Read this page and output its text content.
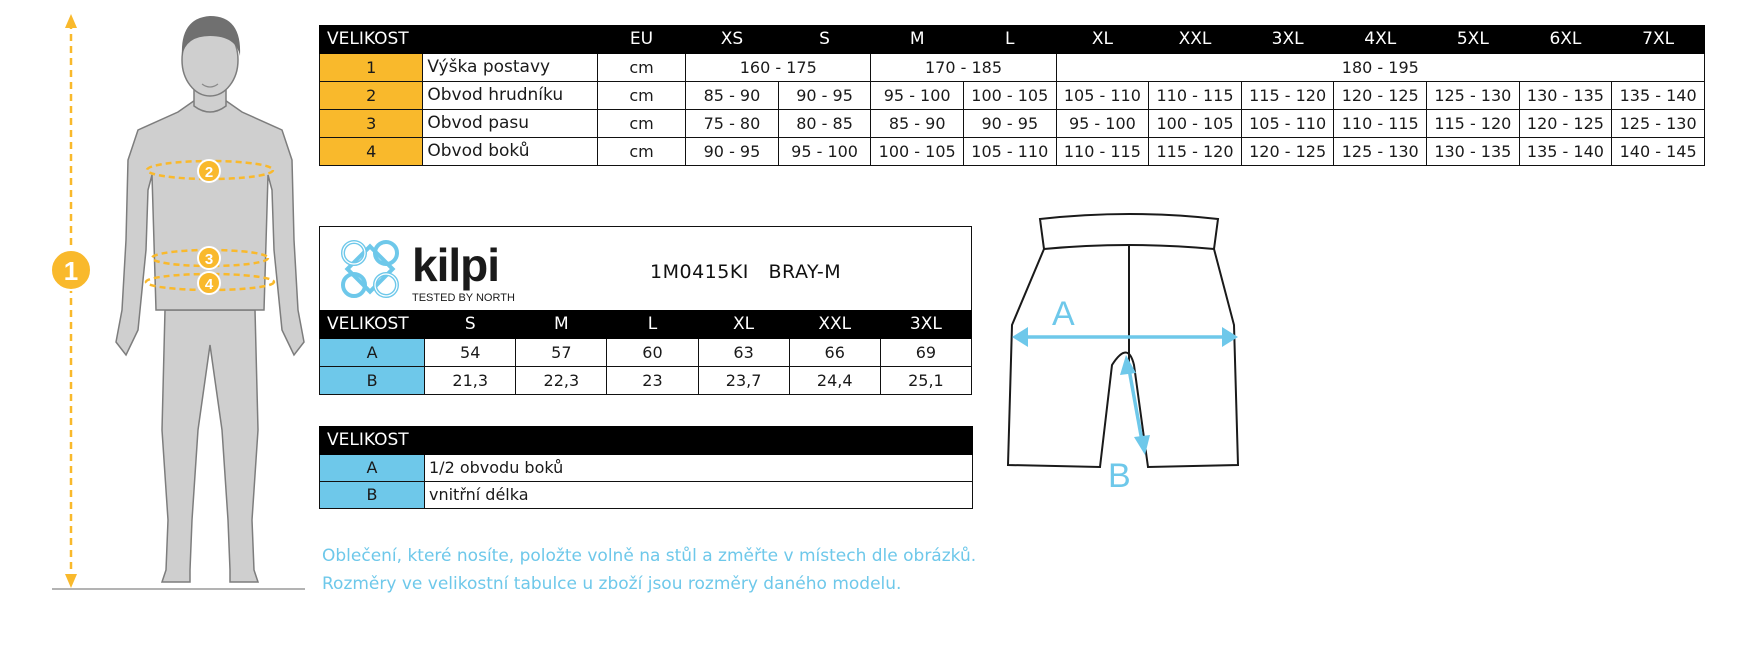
2
3
4
1
VELIKOST		EU	XS	S	M	L	XL	XXL	3XL	4XL	5XL	6XL	7XL
1	Výška postavy	cm	160 - 175		170 - 185		180 - 195						
2	Obvod hrudníku	cm	85 - 90	90 - 95	95 - 100	100 - 105	105 - 110	110 - 115	115 - 120	120 - 125	125 - 130	130 - 135	135 - 140
3	Obvod pasu	cm	75 - 80	80 - 85	85 - 90	90 - 95	95 - 100	100 - 105	105 - 110	110 - 115	115 - 120	120 - 125	125 - 130
4	Obvod boků	cm	90 - 95	95 - 100	100 - 105	105 - 110	110 - 115	115 - 120	120 - 125	125 - 130	130 - 135	135 - 140	140 - 145
kilpi
TESTED BY NORTH
1M0415KI   BRAY-M
VELIKOST	S	M	L	XL	XXL	3XL
A	54	57	60	63	66	69
B	21,3	22,3	23	23,7	24,4	25,1
VELIKOST	
A	1/2 obvodu boků
B	vnitřní délka
Oblečení, které nosíte, položte volně na stůl a změřte v místech dle obrázků.
Rozměry ve velikostní tabulce u zboží jsou rozměry daného modelu.
A
B
